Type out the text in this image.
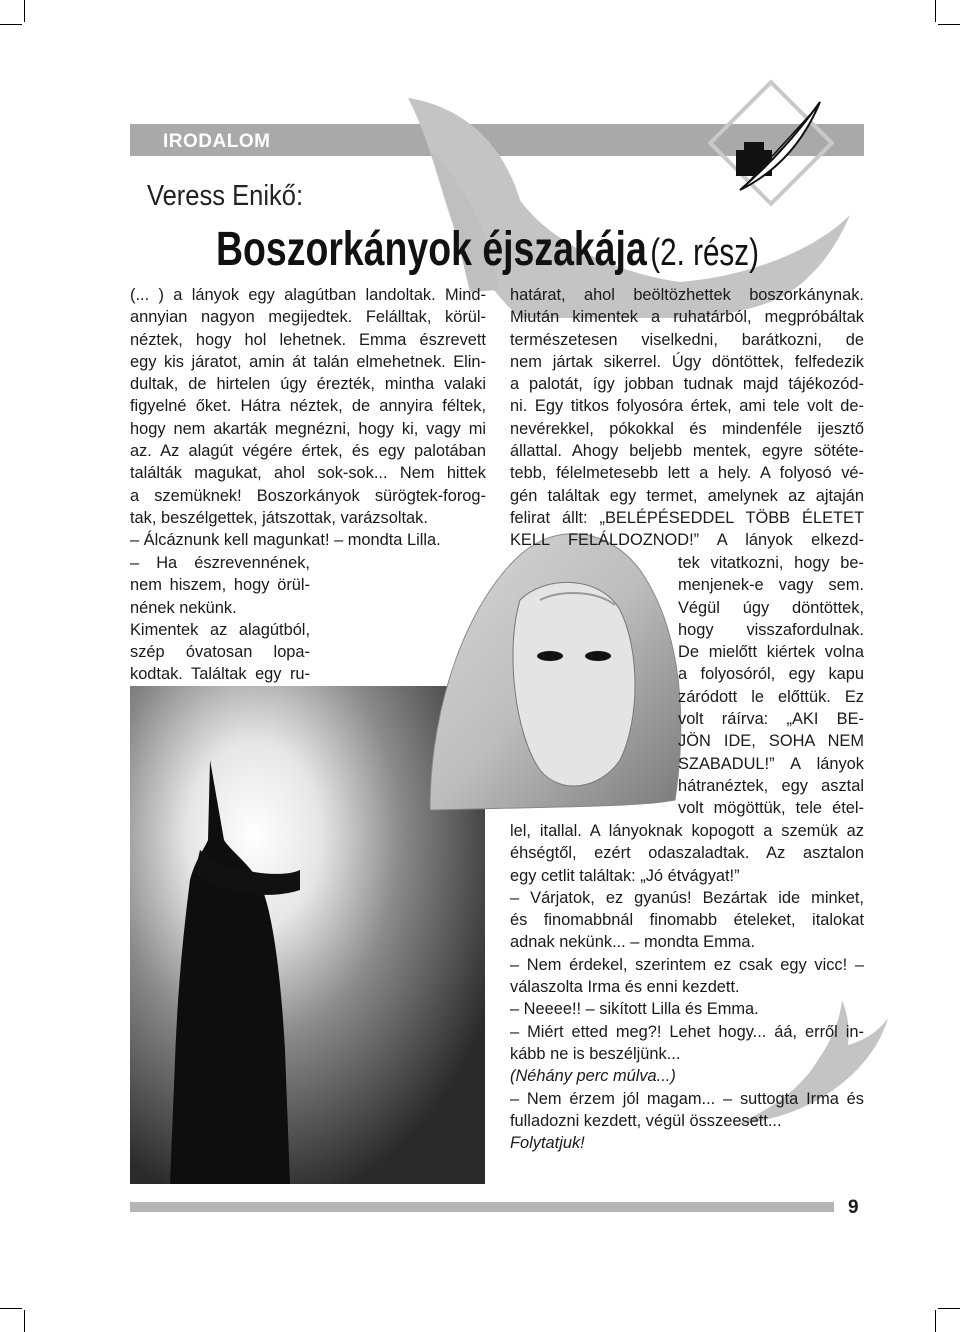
IRODALOM
Veress Enikő:
Boszorkányok éjszakája (2. rész)
(... ) a lányok egy alagútban landoltak. Mind-
annyian nagyon megijedtek. Felálltak, körül-
néztek, hogy hol lehetnek. Emma észrevett
egy kis járatot, amin át talán elmehetnek. Elin-
dultak, de hirtelen úgy érezték, mintha valaki
figyelné őket. Hátra néztek, de annyira féltek,
hogy nem akarták megnézni, hogy ki, vagy mi
az. Az alagút végére értek, és egy palotában
találták magukat, ahol sok-sok... Nem hittek
a szemüknek! Boszorkányok sürögtek-forog-
tak, beszélgettek, játszottak, varázsoltak.
– Álcáznunk kell magunkat! – mondta Lilla.
– Ha észrevennének,
nem hiszem, hogy örül-
nének nekünk.
Kimentek az alagútból,
szép óvatosan lopa-
kodtak. Találtak egy ru-
határat, ahol beöltözhettek boszorkánynak.
Miután kimentek a ruhatárból, megpróbáltak
természetesen viselkedni, barátkozni, de
nem jártak sikerrel. Úgy döntöttek, felfedezik
a palotát, így jobban tudnak majd tájékozód-
ni. Egy titkos folyosóra értek, ami tele volt de-
nevérekkel, pókokkal és mindenféle ijesztő
állattal. Ahogy beljebb mentek, egyre sötéte-
tebb, félelmetesebb lett a hely. A folyosó vé-
gén találtak egy termet, amelynek az ajtaján
felirat állt: „BELÉPÉSEDDEL TÖBB ÉLETET
KELL FELÁLDOZNOD!” A lányok elkezd-
tek vitatkozni, hogy be-
menjenek-e vagy sem.
Végül úgy döntöttek,
hogy visszafordulnak.
De mielőtt kiértek volna
a folyosóról, egy kapu
záródott le előttük. Ez
volt ráírva: „AKI BE-
JÖN IDE, SOHA NEM
SZABADUL!” A lányok
hátranéztek, egy asztal
volt mögöttük, tele étel-
lel, itallal. A lányoknak kopogott a szemük az
éhségtől, ezért odaszaladtak. Az asztalon
egy cetlit találtak: „Jó étvágyat!”
– Várjatok, ez gyanús! Bezártak ide minket,
és finomabbnál finomabb ételeket, italokat
adnak nekünk... – mondta Emma.
– Nem érdekel, szerintem ez csak egy vicc! –
válaszolta Irma és enni kezdett.
– Neeee!! – sikított Lilla és Emma.
– Miért etted meg?! Lehet hogy... áá, erről in-
kább ne is beszéljünk...
(Néhány perc múlva...)
– Nem érzem jól magam... – suttogta Irma és
fulladozni kezdett, végül összeesett...
Folytatjuk!
9
